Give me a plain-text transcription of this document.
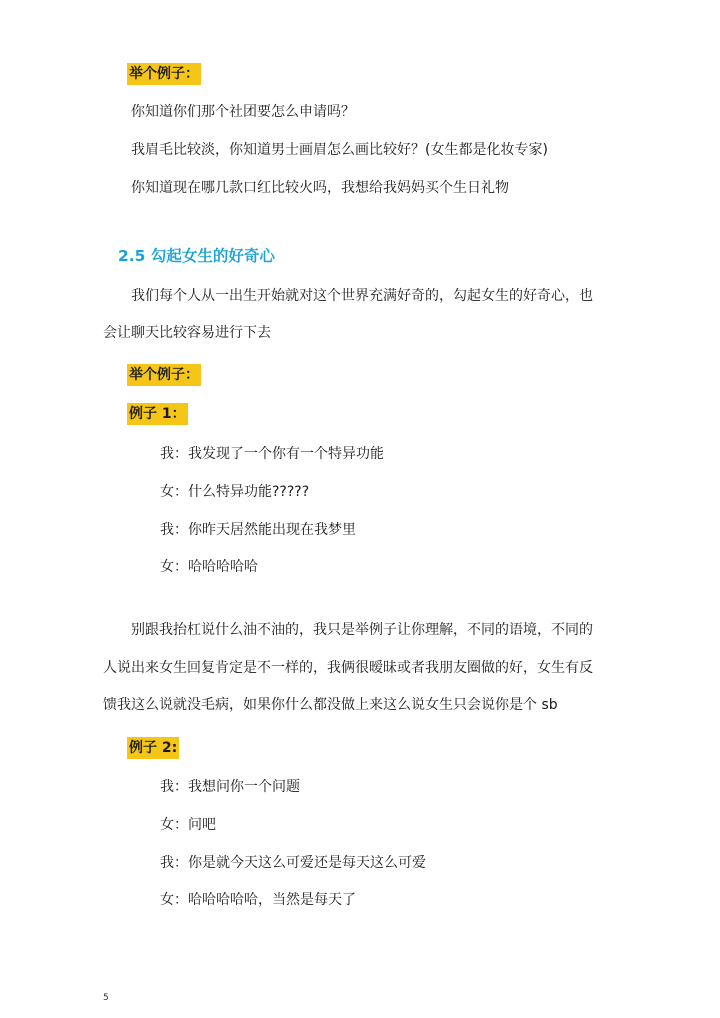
举个例子：
你知道你们那个社团要怎么申请吗？
我眉毛比较淡，你知道男士画眉怎么画比较好？(女生都是化妆专家)
你知道现在哪几款口红比较火吗，我想给我妈妈买个生日礼物
2.5 勾起女生的好奇心
我们每个人从一出生开始就对这个世界充满好奇的，勾起女生的好奇心，也
会让聊天比较容易进行下去
举个例子：
例子 1：
我：我发现了一个你有一个特异功能
女：什么特异功能?????
我：你昨天居然能出现在我梦里
女：哈哈哈哈哈
别跟我抬杠说什么油不油的，我只是举例子让你理解，不同的语境，不同的
人说出来女生回复肯定是不一样的，我俩很暧昧或者我朋友圈做的好，女生有反
馈我这么说就没毛病，如果你什么都没做上来这么说女生只会说你是个 sb
例子 2:
我：我想问你一个问题
女：问吧
我：你是就今天这么可爱还是每天这么可爱
女：哈哈哈哈哈，当然是每天了
5
